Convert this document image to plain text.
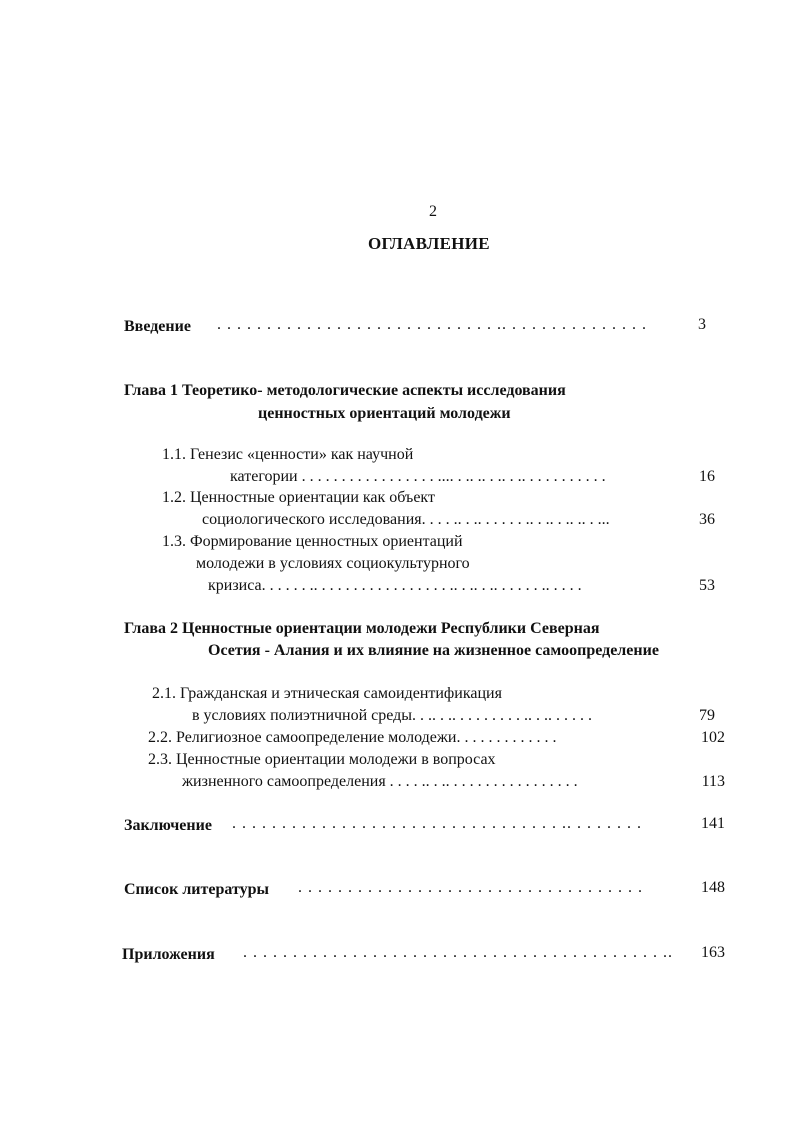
2
ОГЛАВЛЕНИЕ
Введение . . . . . . . . . . . . . . . . . . . . . . . . . . . . .. . . . . . . . . . . . . . .	3
Глава 1 Теоретико- методологические аспекты исследования
ценностных ориентаций молодежи
1.1. Генезис «ценности» как научной
категории . . . . . . . . . . . . . . . . . .... . .. .. . .. . .. . . . . . . . . . .	16
1.2. Ценностные ориентации как объект
социологического исследования. . . . .. . .. . . . . . .. . .. . .. .. . ...	36
1.3. Формирование ценностных ориентаций
молодежи в условиях социокультурного
кризиса. . . . . . .. . . . . . . . . . . . . . . . . .. . .. . .. . . . . . .. . . . .	53
Глава 2 Ценностные ориентации молодежи Республики Северная
Осетия - Алания и их влияние на жизненное самоопределение
2.1. Гражданская и этническая самоидентификация
в условиях полиэтничной среды. . .. . .. . . . . . . . . .. . .. . . . . .	79
2.2. Религиозное самоопределение молодежи. . . . . . . . . . . . .	102
2.3. Ценностные ориентации молодежи в вопросах
жизненного самоопределения . . . . .. . .. . . . . . . . . . . . . . . . .	113
Заключение . . . . . . . . . . . . . . . . . . . . . . . . . . . . . . . . . .. . . . . . . .	141
Список литературы . . . . . . . . . . . . . . . . . . . . . . . . . . . . . . . . . . .	148
Приложения . . . . . . . . . . . . . . . . . . . . . . . . . . . . . . . . . . . . . . . . . . ..	163
